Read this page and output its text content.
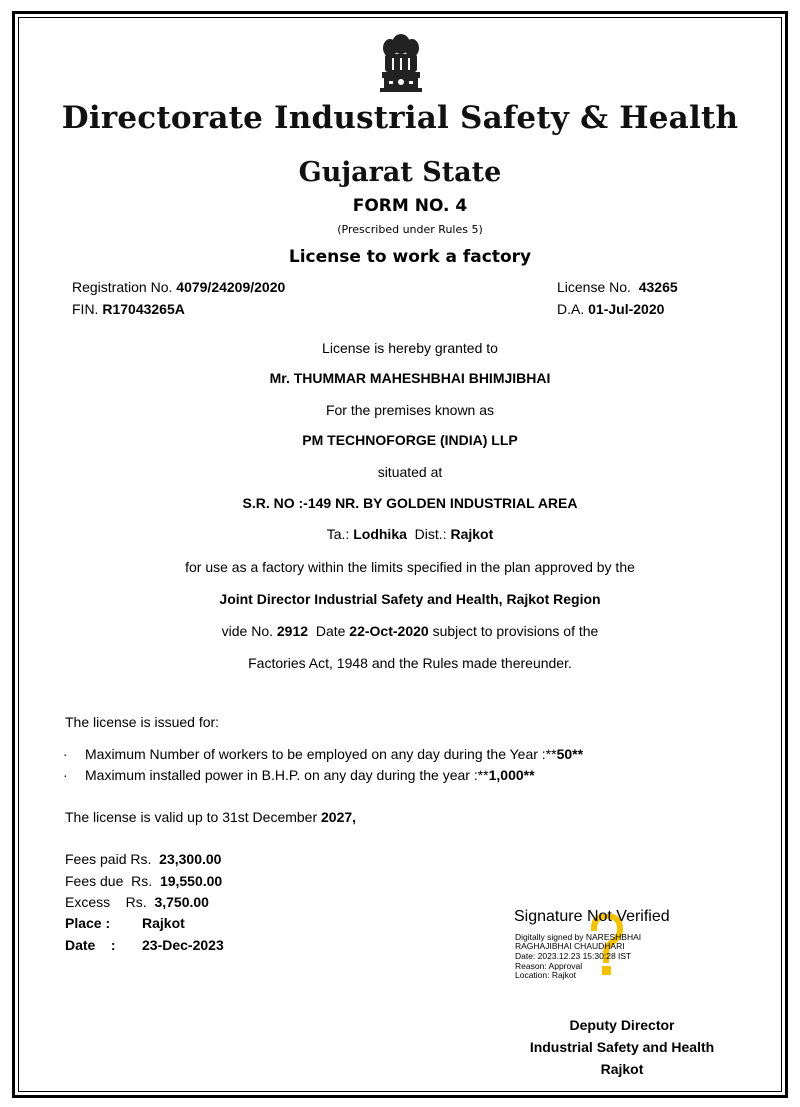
Directorate Industrial Safety & Health
Gujarat State
FORM NO. 4
(Prescribed under Rules 5)
License to work a factory
Registration No. 4079/24209/2020
FIN. R17043265A
License No. 43265
D.A. 01-Jul-2020
License is hereby granted to
Mr. THUMMAR MAHESHBHAI BHIMJIBHAI
For the premises known as
PM TECHNOFORGE (INDIA) LLP
situated at
S.R. NO :-149 NR. BY GOLDEN INDUSTRIAL AREA
Ta.: Lodhika Dist.: Rajkot
for use as a factory within the limits specified in the plan approved by the
Joint Director Industrial Safety and Health, Rajkot Region
vide No. 2912 Date 22-Oct-2020 subject to provisions of the
Factories Act, 1948 and the Rules made thereunder.
The license is issued for:
· Maximum Number of workers to be employed on any day during the Year :**50**
· Maximum installed power in B.H.P. on any day during the year :**1,000**
The license is valid up to 31st December 2027,
Fees paid Rs. 23,300.00
Fees due  Rs. 19,550.00
Excess    Rs. 3,750.00
Place : Rajkot
Date    : 23-Dec-2023
Signature Not Verified
Digitally signed by NARESHBHAI
RAGHAJIBHAI CHAUDHARI
Date: 2023.12.23 15:30:28 IST
Reason: Approval
Location: Rajkot
Deputy Director
Industrial Safety and Health
Rajkot
